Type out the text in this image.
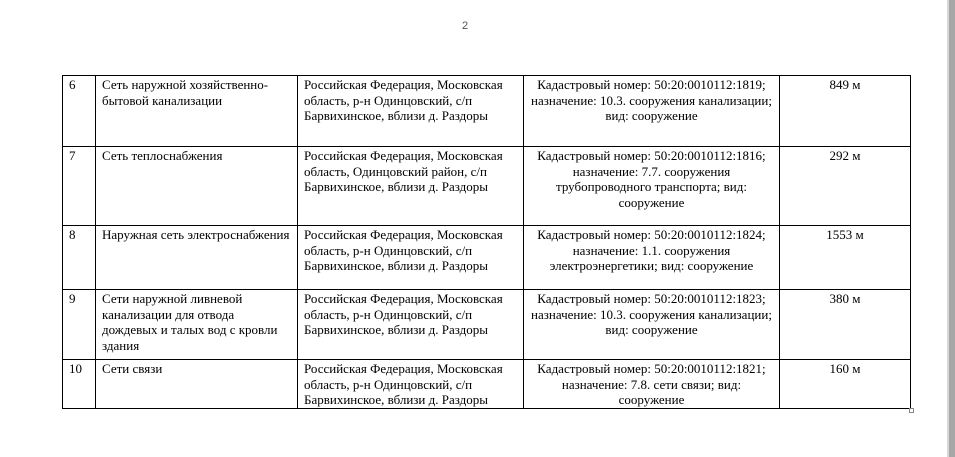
2
6	Сеть наружной хозяйственно-бытовой канализации	Российская Федерация, Московская область, р-н Одинцовский, с/п Барвихинское, вблизи д. Раздоры	Кадастровый номер: 50:20:0010112:1819; назначение: 10.3. сооружения канализации; вид: сооружение	849 м
7	Сеть теплоснабжения	Российская Федерация, Московская область, Одинцовский район, с/п Барвихинское, вблизи д. Раздоры	Кадастровый номер: 50:20:0010112:1816; назначение: 7.7. сооружения трубопроводного транспорта; вид: сооружение	292 м
8	Наружная сеть электроснабжения	Российская Федерация, Московская область, р-н Одинцовский, с/п Барвихинское, вблизи д. Раздоры	Кадастровый номер: 50:20:0010112:1824; назначение: 1.1. сооружения электроэнергетики; вид: сооружение	1553 м
9	Сети наружной ливневой канализации для отвода дождевых и талых вод с кровли здания	Российская Федерация, Московская область, р-н Одинцовский, с/п Барвихинское, вблизи д. Раздоры	Кадастровый номер: 50:20:0010112:1823; назначение: 10.3. сооружения канализации; вид: сооружение	380 м
10	Сети связи	Российская Федерация, Московская область, р-н Одинцовский, с/п Барвихинское, вблизи д. Раздоры	Кадастровый номер: 50:20:0010112:1821; назначение: 7.8. сети связи; вид: сооружение	160 м
